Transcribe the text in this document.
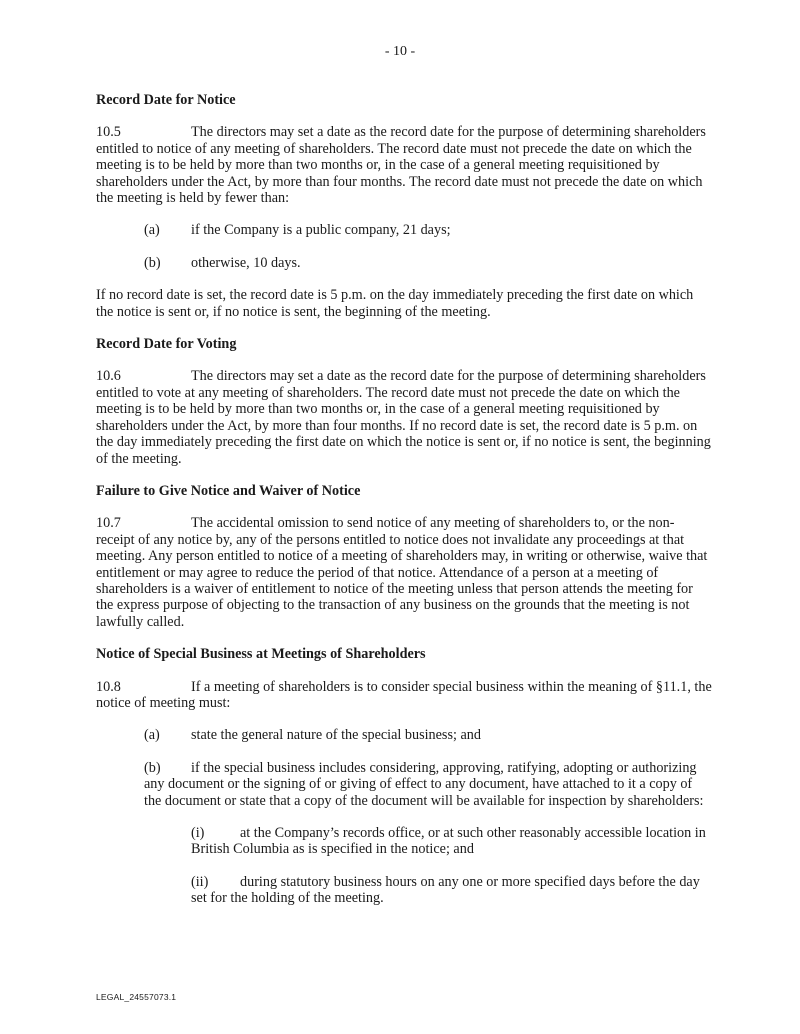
- 10 -

Record Date for Notice

10.5	The directors may set a date as the record date for the purpose of determining shareholders entitled to notice of any meeting of shareholders. The record date must not precede the date on which the meeting is to be held by more than two months or, in the case of a general meeting requisitioned by shareholders under the Act, by more than four months. The record date must not precede the date on which the meeting is held by fewer than:

(a) if the Company is a public company, 21 days;

(b) otherwise, 10 days.

If no record date is set, the record date is 5 p.m. on the day immediately preceding the first date on which the notice is sent or, if no notice is sent, the beginning of the meeting.

Record Date for Voting

10.6	The directors may set a date as the record date for the purpose of determining shareholders entitled to vote at any meeting of shareholders. The record date must not precede the date on which the meeting is to be held by more than two months or, in the case of a general meeting requisitioned by shareholders under the Act, by more than four months. If no record date is set, the record date is 5 p.m. on the day immediately preceding the first date on which the notice is sent or, if no notice is sent, the beginning of the meeting.

Failure to Give Notice and Waiver of Notice

10.7	The accidental omission to send notice of any meeting of shareholders to, or the non-receipt of any notice by, any of the persons entitled to notice does not invalidate any proceedings at that meeting. Any person entitled to notice of a meeting of shareholders may, in writing or otherwise, waive that entitlement or may agree to reduce the period of that notice. Attendance of a person at a meeting of shareholders is a waiver of entitlement to notice of the meeting unless that person attends the meeting for the express purpose of objecting to the transaction of any business on the grounds that the meeting is not lawfully called.

Notice of Special Business at Meetings of Shareholders

10.8	If a meeting of shareholders is to consider special business within the meaning of §11.1, the notice of meeting must:

(a) state the general nature of the special business; and

(b) if the special business includes considering, approving, ratifying, adopting or authorizing any document or the signing of or giving of effect to any document, have attached to it a copy of the document or state that a copy of the document will be available for inspection by shareholders:

(i)	at the Company’s records office, or at such other reasonably accessible location in British Columbia as is specified in the notice; and

(ii) during statutory business hours on any one or more specified days before the day set for the holding of the meeting.

LEGAL_24557073.1
